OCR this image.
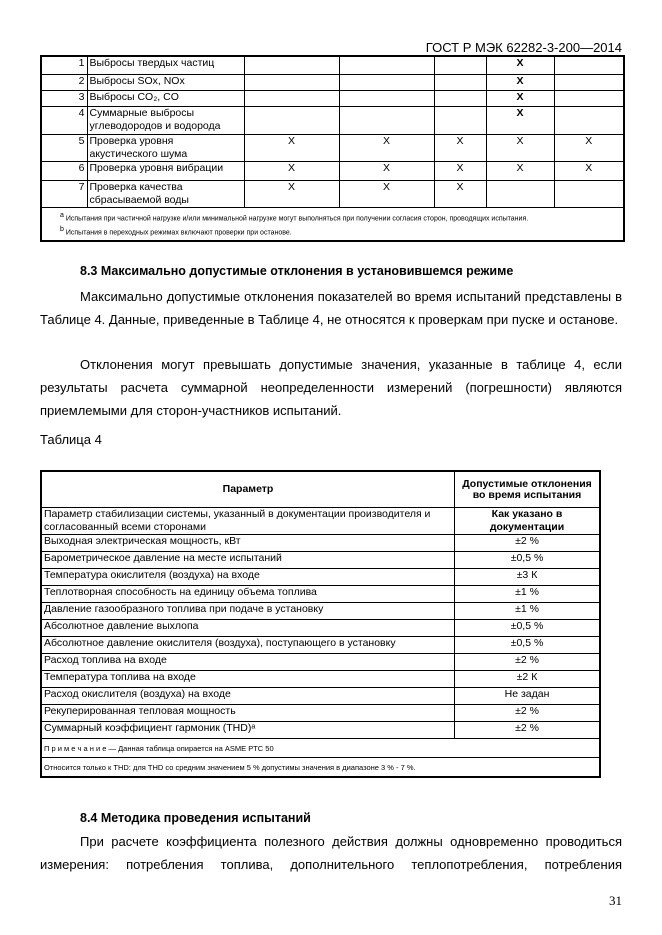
ГОСТ Р МЭК 62282-3-200—2014
1	Выбросы твердых частиц				X	
2	Выбросы SOx, NOx				X	
3	Выбросы CO₂, CO				X	
4	Суммарные выбросы углеводородов и водорода				X	
5	Проверка уровня акустического шума	X	X	X	X	X
6	Проверка уровня вибрации	X	X	X	X	X
7	Проверка качества сбрасываемой воды	X	X	X		

$^a$ Испытания при частичной нагрузке и/или минимальной нагрузке могут выполняться при получении согласия сторон, проводящих испытания.
$^b$ Испытания в переходных режимах включают проверки при останове.						
8.3 Максимально допустимые отклонения в установившемся режиме
Максимально допустимые отклонения показателей во время испытаний представлены в Таблице 4. Данные, приведенные в Таблице 4, не относятся к проверкам при пуске и останове.
Отклонения могут превышать допустимые значения, указанные в таблице 4, если результаты расчета суммарной неопределенности измерений (погрешности) являются приемлемыми для сторон-участников испытаний.
Таблица 4
Параметр	Допустимые отклонения во время испытания
Параметр стабилизации системы, указанный в документации производителя и согласованный всеми сторонами	Как указано в документации
Выходная электрическая мощность, кВт	±2 %
Барометрическое давление на месте испытаний	±0,5 %
Температура окислителя (воздуха) на входе	±3 К
Теплотворная способность на единицу объема топлива	±1 %
Давление газообразного топлива при подаче в установку	±1 %
Абсолютное давление выхлопа	±0,5 %
Абсолютное давление окислителя (воздуха), поступающего в установку	±0,5 %
Расход топлива на входе	±2 %
Температура топлива на входе	±2 К
Расход окислителя (воздуха) на входе	Не задан
Рекуперированная тепловая мощность	±2 %
Суммарный коэффициент гармоник (THD)ᵃ	±2 %
П р и м е ч а н и е — Данная таблица опирается на ASME PTC 50	
Относится только к THD: для THD со средним значением 5 % допустимы значения в диапазоне 3 % - 7 %.	
8.4 Методика проведения испытаний
При расчете коэффициента полезного действия должны одновременно проводиться измерения: потребления топлива, дополнительного теплопотребления, потребления
31
